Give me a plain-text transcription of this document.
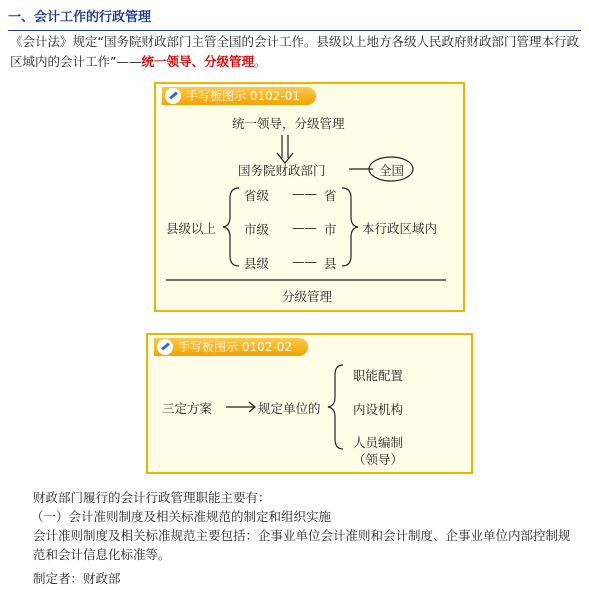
一、会计工作的行政管理
《会计法》规定“国务院财政部门主管全国的会计工作。县级以上地方各级人民政府财政部门管理本行政区域内的会计工作”——统一领导、分级管理。
手写板图示 0102-01
统一领导，分级管理
国务院财政部门	全国
县级以上
省级 —— 省
市级 —— 市
县级 —— 县
本行政区域内
分级管理
手写板图示 0102-02
三定方案	规定单位的
职能配置
内设机构
人员编制
（领导）
财政部门履行的会计行政管理职能主要有：
（一）会计准则制度及相关标准规范的制定和组织实施
会计准则制度及相关标准规范主要包括：企事业单位会计准则和会计制度、企事业单位内部控制规范和会计信息化标准等。
制定者：财政部
